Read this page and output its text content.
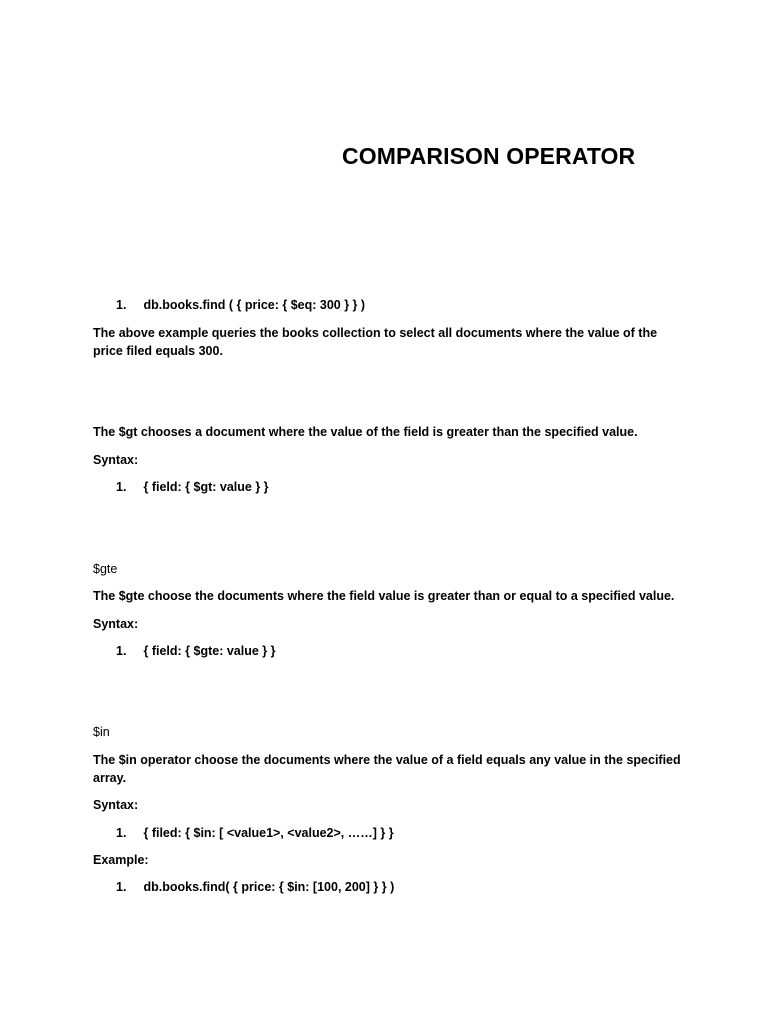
COMPARISON OPERATOR
1. db.books.find ( { price: { $eq: 300 } } )
The above example queries the books collection to select all documents where the value of the price filed equals 300.
The $gt chooses a document where the value of the field is greater than the specified value.
Syntax:
1. { field: { $gt: value } }
$gte
The $gte choose the documents where the field value is greater than or equal to a specified value.
Syntax:
1. { field: { $gte: value } }
$in
The $in operator choose the documents where the value of a field equals any value in the specified array.
Syntax:
1. { filed: { $in: [ <value1>, <value2>, ……] } }
Example:
1. db.books.find( { price: { $in: [100, 200] } } )
